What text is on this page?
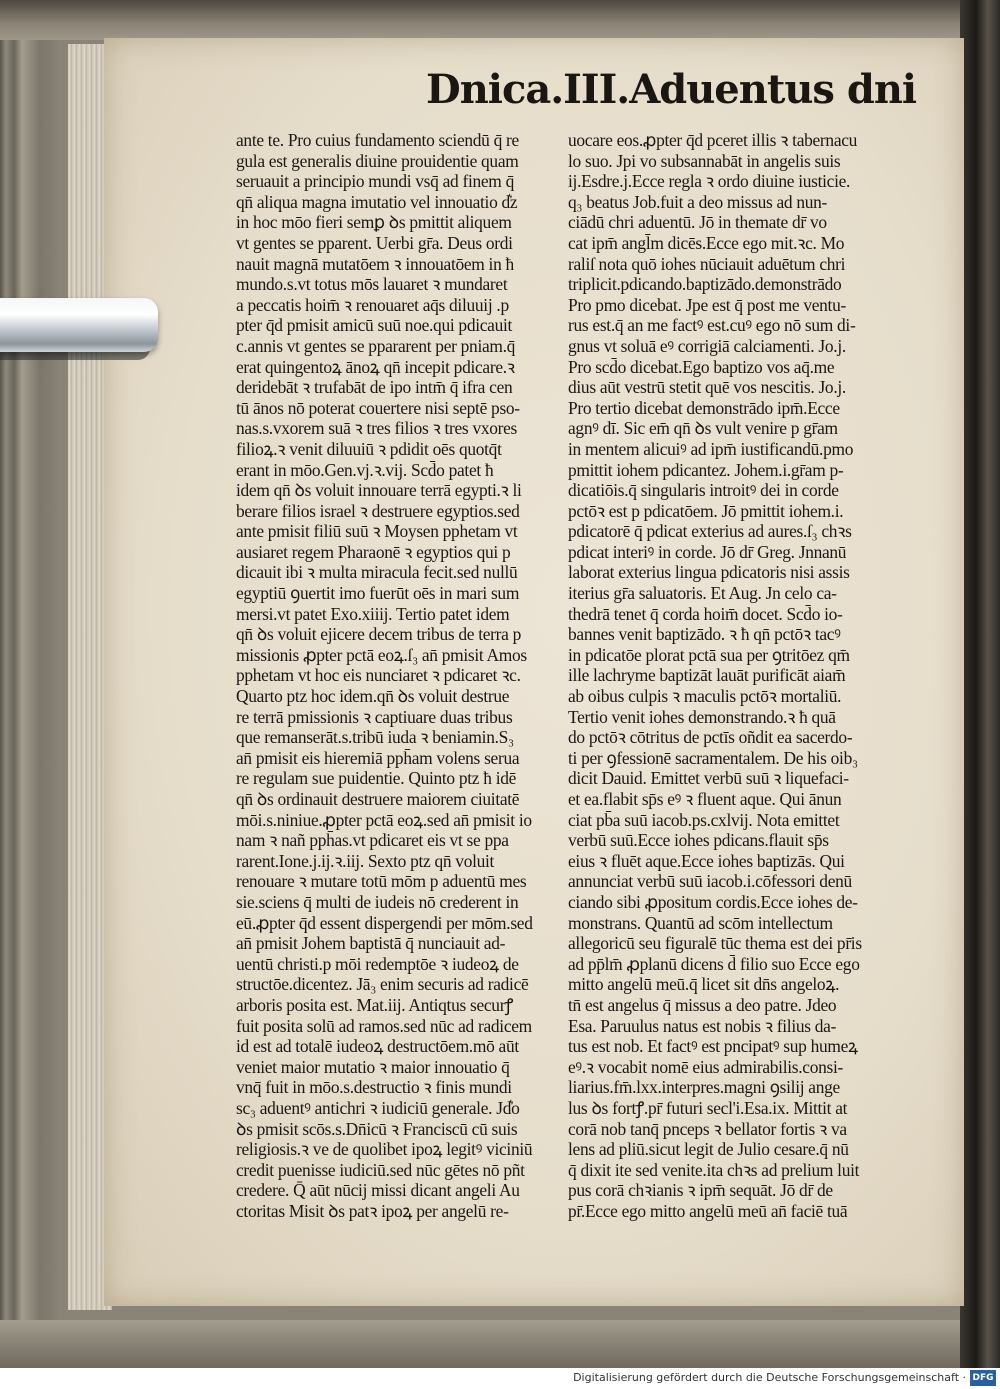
Dnica.III.Aduentus dni
ante te. Pro cuius fundamento sciendū q̄ re
gula est generalis diuine prouidentie quam
seruauit a principio mundi vsq̄ ad finem q̄
qn̄ aliqua magna imutatio vel innouatio d͛z
in hoc mōo fieri semꝑ ꝺs pmittit aliquem
vt gentes se pparent. Uerbi gr̄a. Deus ordi
nauit magnā mutatōem ꝛ innouatōem in ħ
mundo.s.vt totus mōs lauaret ꝛ mundaret
a peccatis hoim̄ ꝛ renouaret aq̄s diluuij .p
pter q̄d pmisit amicū suū noe.qui pdicauit
c.annis vt gentes se ppararent per pniam.q̄
erat quingentoꝝ ānoꝝ qn̄ incepit pdicare.ꝛ
deridebāt ꝛ trufabāt de ipo intm̄ q̄ ifra cen
tū ānos nō poterat couertere nisi septē pso-
nas.s.vxorem suā ꝛ tres filios ꝛ tres vxores
filioꝝ.ꝛ venit diluuiū ꝛ pdidit oēs quotq̄t
erant in mōo.Gen.vj.ꝛ.vij. Scd̄o patet ħ
idem qn̄ ꝺs voluit innouare terrā egypti.ꝛ li
berare filios israel ꝛ destruere egyptios.sed
ante pmisit filiū suū ꝛ Moysen pphetam vt
ausiaret regem Pharaonē ꝛ egyptios qui p
dicauit ibi ꝛ multa miracula fecit.sed nullū
egyptiū ꝯuertit imo fuerūt oēs in mari sum
mersi.vt patet Exo.xiiij. Tertio patet idem
qn̄ ꝺs voluit ejicere decem tribus de terra p
missionis ꝓpter pctā eoꝝ.ſ₃ an̄ pmisit Amos
pphetam vt hoc eis nunciaret ꝛ pdicaret ꝛc.
Quarto ptz hoc idem.qn̄ ꝺs voluit destrue
re terrā pmissionis ꝛ captiuare duas tribus
que remanserāt.s.tribū iuda ꝛ beniamin.S₃
an̄ pmisit eis hieremiā pph̄am volens serua
re regulam sue puidentie. Quinto ptz ħ idē
qn̄ ꝺs ordinauit destruere maiorem ciuitatē
mōi.s.niniue.ꝓpter pctā eoꝝ.sed an̄ pmisit io
nam ꝛ nañ pph̄as.vt pdicaret eis vt se ppa
rarent.Ione.j.ij.ꝛ.iij. Sexto ptz qn̄ voluit
renouare ꝛ mutare totū mōm p aduentū mes
sie.sciens q̄ multi de iudeis nō crederent in
eū.ꝓpter q̄d essent dispergendi per mōm.sed
an̄ pmisit Johem baptistā q̄ nunciauit ad-
uentū christi.p mōi redemptōe ꝛ iudeoꝝ de
structōe.dicentez. Jā₃ enim securis ad radicē
arboris posita est. Mat.iij. Antiqtus securꝭ
fuit posita solū ad ramos.sed nūc ad radicem
id est ad totalē iudeoꝝ destructōem.mō aūt
veniet maior mutatio ꝛ maior innouatio q̄̄
vnq̄̄ fuit in mōo.s.destructio ꝛ finis mundi
sc₃ aduentꝰ antichri ꝛ iudiciū generale. Jd͛o
ꝺs pmisit scōs.s.Dn̄icū ꝛ Franciscū cū suis
religiosis.ꝛ ve de quolibet ipoꝝ legitꝰ viciniū
credit puenisse iudiciū.sed nūc gētes nō pñt
credere. Q̄ aūt nūcij missi dicant angeli Au
ctoritas Misit ꝺs patꝛ ipoꝝ per angelū re-
uocare eos.ꝓpter q̄d pceret illis ꝛ tabernacu
lo suo. Jpi vo subsannabāt in angelis suis
ij.Esdre.j.Ecce regla ꝛ ordo diuine iusticie.
q₃ beatus Job.fuit a deo missus ad nun-
ciādū chri aduentū. Jō in themate dr̄ vo
cat ipm̄ angl̄m dicēs.Ecce ego mit.ꝛc. Mo
raliſ nota quō iohes nūciauit aduētum chri
triplicit.pdicando.baptizādo.demonstrādo
Pro pmo dicebat. Jpe est q̄ post me ventu-
rus est.q̄ an me factꝰ est.cuꝰ ego nō sum di-
gnus vt soluā eꝰ corrigiā calciamenti. Jo.j.
Pro scd̄o dicebat.Ego baptizo vos aq̄.me
dius aūt vestrū stetit quē vos nescitis. Jo.j.
Pro tertio dicebat demonstrādo ipm̄.Ecce
agnꝰ dī. Sic em̄ qn̄ ꝺs vult venire p gr̄am
in mentem alicuiꝰ ad ipm̄ iustificandū.pmo
pmittit iohem pdicantez. Johem.i.gr̄am p-
dicatiōis.q̄ singularis introitꝰ dei in corde
pctōꝛ est p pdicatōem. Jō pmittit iohem.i.
pdicatorē q̄ pdicat exterius ad aures.ſ₃ chꝛs
pdicat interiꝰ in corde. Jō dr̄ Greg. Jnnanū
laborat exterius lingua pdicatoris nisi assis
iterius gr̄a saluatoris. Et Aug. Jn celo ca-
thedrā tenet q̄ corda hoim̄ docet. Scd̄o io-
bannes venit baptizādo. ꝛ ħ qn̄ pctōꝛ tacꝰ
in pdicatōe plorat pctā sua per ꝯtritōez qm̄
ille lachryme baptizāt lauāt purificāt aiam̄
ab oibus culpis ꝛ maculis pctōꝛ mortaliū.
Tertio venit iohes demonstrando.ꝛ ħ quā
do pctōꝛ cōtritus de pctīs oñdit ea sacerdo-
ti per ꝯfessionē sacramentalem. De his oib₃
dicit Dauid. Emittet verbū suū ꝛ liquefaci-
et ea.flabit sp̄s eꝰ ꝛ fluent aque. Qui ānun
ciat pb̄a suū iacob.ps.cxlvij. Nota emittet
verbū suū.Ecce iohes pdicans.flauit sp̄s
eius ꝛ fluēt aque.Ecce iohes baptizās. Qui
annunciat verbū suū iacob.i.cōfessori denū
ciando sibi ꝓpositum cordis.Ecce iohes de-
monstrans. Quantū ad scōm intellectum
allegoricū seu figuralē tūc thema est dei pr̄is
ad pp̄lm̄ ꝓplanū dicens d̄ filio suo Ecce ego
mitto angelū meū.q̄ licet sit dn̄s angeloꝝ.
tn̄ est angelus q̄ missus a deo patre. Jdeo
Esa. Paruulus natus est nobis ꝛ filius da-
tus est nob. Et factꝰ est pncipatꝰ sup humeꝝ
eꝰ.ꝛ vocabit nomē eius admirabilis.consi-
liarius.fm̄.lxx.interpres.magni ꝯsilij ange
lus ꝺs fortꝭ.pr̄ futuri secl'i.Esa.ix. Mittit at
corā nob tanq̄ pnceps ꝛ bellator fortis ꝛ va
lens ad pliū.sicut legit de Julio cesare.q̄ nū
q̄ dixit ite sed venite.ita chꝛs ad prelium luit
pus corā chꝛianis ꝛ ipm̄ sequāt. Jō dr̄ de
pr̄.Ecce ego mitto angelū meū an̄ faciē tuā
Digitalisierung gefördert durch die Deutsche Forschungsgemeinschaft · DFG
